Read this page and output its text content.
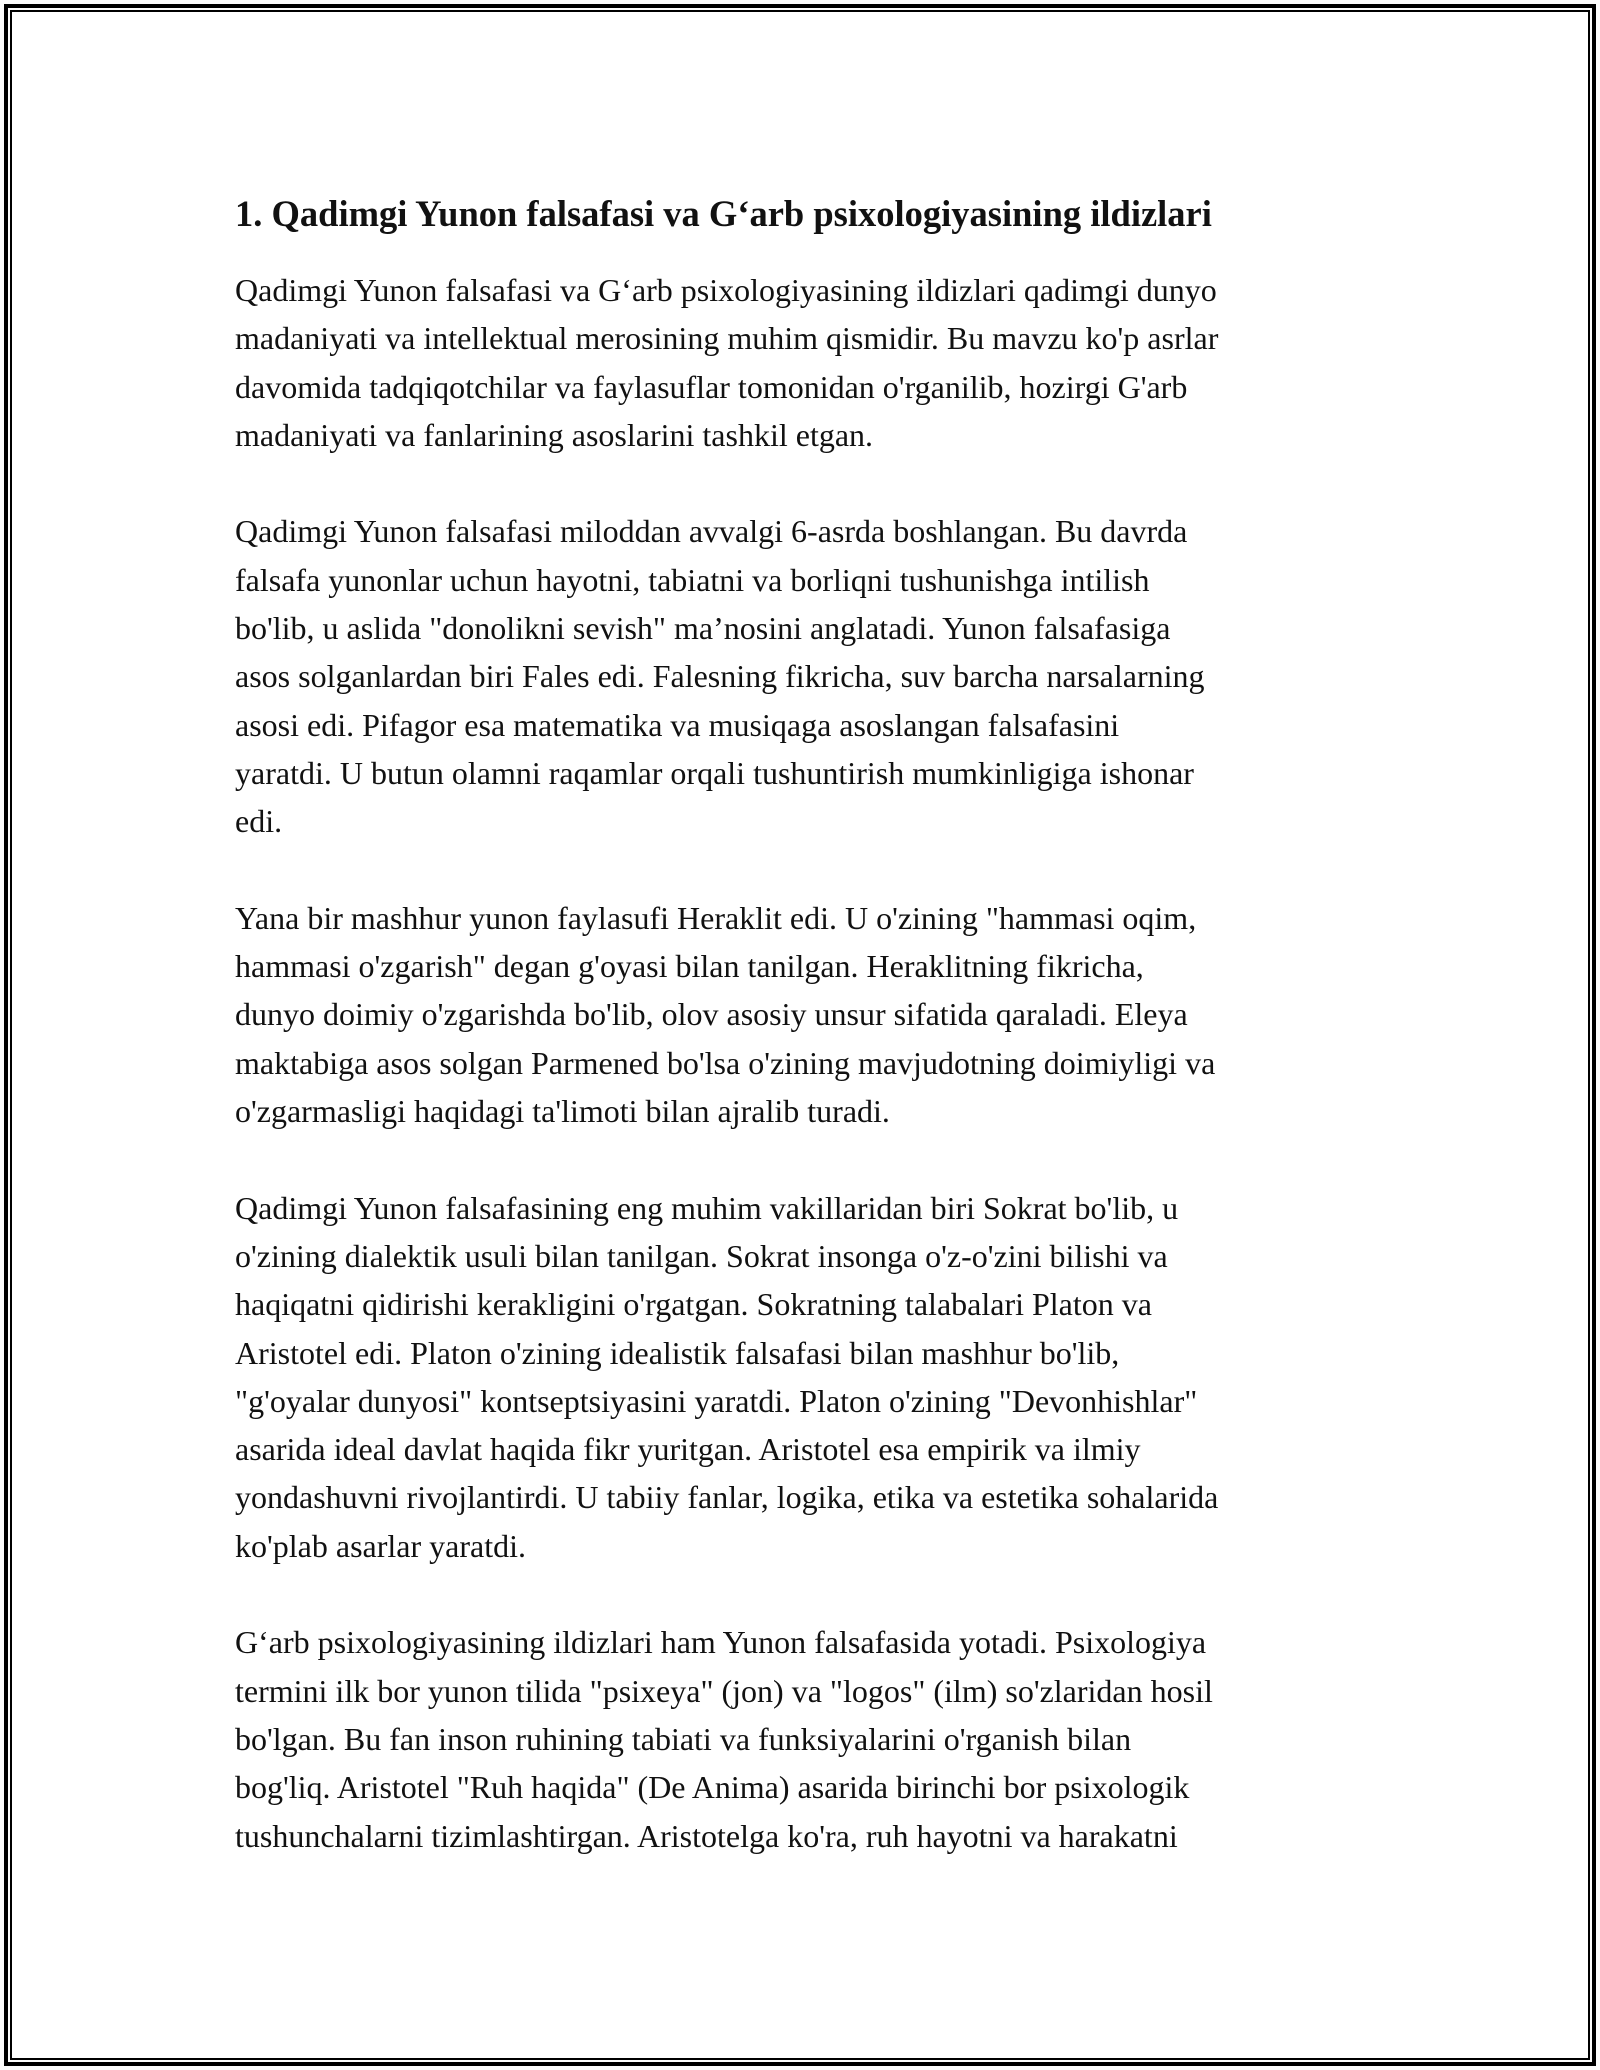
1. Qadimgi Yunon falsafasi va G‘arb psixologiyasining ildizlari

Qadimgi Yunon falsafasi va G‘arb psixologiyasining ildizlari qadimgi dunyo
madaniyati va intellektual merosining muhim qismidir. Bu mavzu ko'p asrlar
davomida tadqiqotchilar va faylasuflar tomonidan o'rganilib, hozirgi G'arb
madaniyati va fanlarining asoslarini tashkil etgan.

Qadimgi Yunon falsafasi miloddan avvalgi 6-asrda boshlangan. Bu davrda
falsafa yunonlar uchun hayotni, tabiatni va borliqni tushunishga intilish
bo'lib, u aslida "donolikni sevish" ma’nosini anglatadi. Yunon falsafasiga
asos solganlardan biri Fales edi. Falesning fikricha, suv barcha narsalarning
asosi edi. Pifagor esa matematika va musiqaga asoslangan falsafasini
yaratdi. U butun olamni raqamlar orqali tushuntirish mumkinligiga ishonar
edi.

Yana bir mashhur yunon faylasufi Heraklit edi. U o'zining "hammasi oqim,
hammasi o'zgarish" degan g'oyasi bilan tanilgan. Heraklitning fikricha,
dunyo doimiy o'zgarishda bo'lib, olov asosiy unsur sifatida qaraladi. Eleya
maktabiga asos solgan Parmened bo'lsa o'zining mavjudotning doimiyligi va
o'zgarmasligi haqidagi ta'limoti bilan ajralib turadi.

Qadimgi Yunon falsafasining eng muhim vakillaridan biri Sokrat bo'lib, u
o'zining dialektik usuli bilan tanilgan. Sokrat insonga o'z-o'zini bilishi va
haqiqatni qidirishi kerakligini o'rgatgan. Sokratning talabalari Platon va
Aristotel edi. Platon o'zining idealistik falsafasi bilan mashhur bo'lib,
"g'oyalar dunyosi" kontseptsiyasini yaratdi. Platon o'zining "Devonhishlar"
asarida ideal davlat haqida fikr yuritgan. Aristotel esa empirik va ilmiy
yondashuvni rivojlantirdi. U tabiiy fanlar, logika, etika va estetika sohalarida
ko'plab asarlar yaratdi.

G‘arb psixologiyasining ildizlari ham Yunon falsafasida yotadi. Psixologiya
termini ilk bor yunon tilida "psixeya" (jon) va "logos" (ilm) so'zlaridan hosil
bo'lgan. Bu fan inson ruhining tabiati va funksiyalarini o'rganish bilan
bog'liq. Aristotel "Ruh haqida" (De Anima) asarida birinchi bor psixologik
tushunchalarni tizimlashtirgan. Aristotelga ko'ra, ruh hayotni va harakatni
